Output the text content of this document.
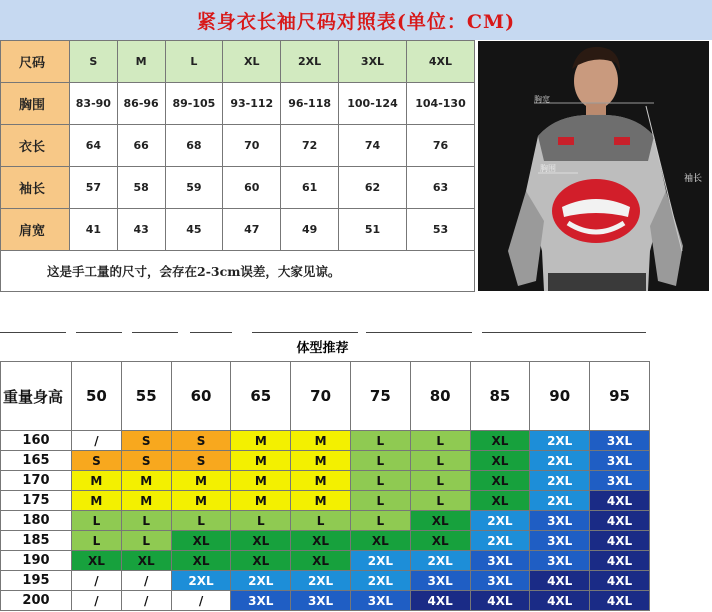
紧身衣长袖尺码对照表(单位：CM)
尺码	S	M	L	XL	2XL	3XL	4XL
胸围	83-90	86-96	89-105	93-112	96-118	100-124	104-130
衣长	64	66	68	70	72	74	76
袖长	57	58	59	60	61	62	63
肩宽	41	43	45	47	49	51	53
这是手工量的尺寸，会存在2-3cm误差，大家见谅。							
胸宽
胸围
袖长
体型推荐
重量身高	50	55	60	65	70	75	80	85	90	95
160	/	S	S	M	M	L	L	XL	2XL	3XL
165	S	S	S	M	M	L	L	XL	2XL	3XL
170	M	M	M	M	M	L	L	XL	2XL	3XL
175	M	M	M	M	M	L	L	XL	2XL	4XL
180	L	L	L	L	L	L	XL	2XL	3XL	4XL
185	L	L	XL	XL	XL	XL	XL	2XL	3XL	4XL
190	XL	XL	XL	XL	XL	2XL	2XL	3XL	3XL	4XL
195	/	/	2XL	2XL	2XL	2XL	3XL	3XL	4XL	4XL
200	/	/	/	3XL	3XL	3XL	4XL	4XL	4XL	4XL
